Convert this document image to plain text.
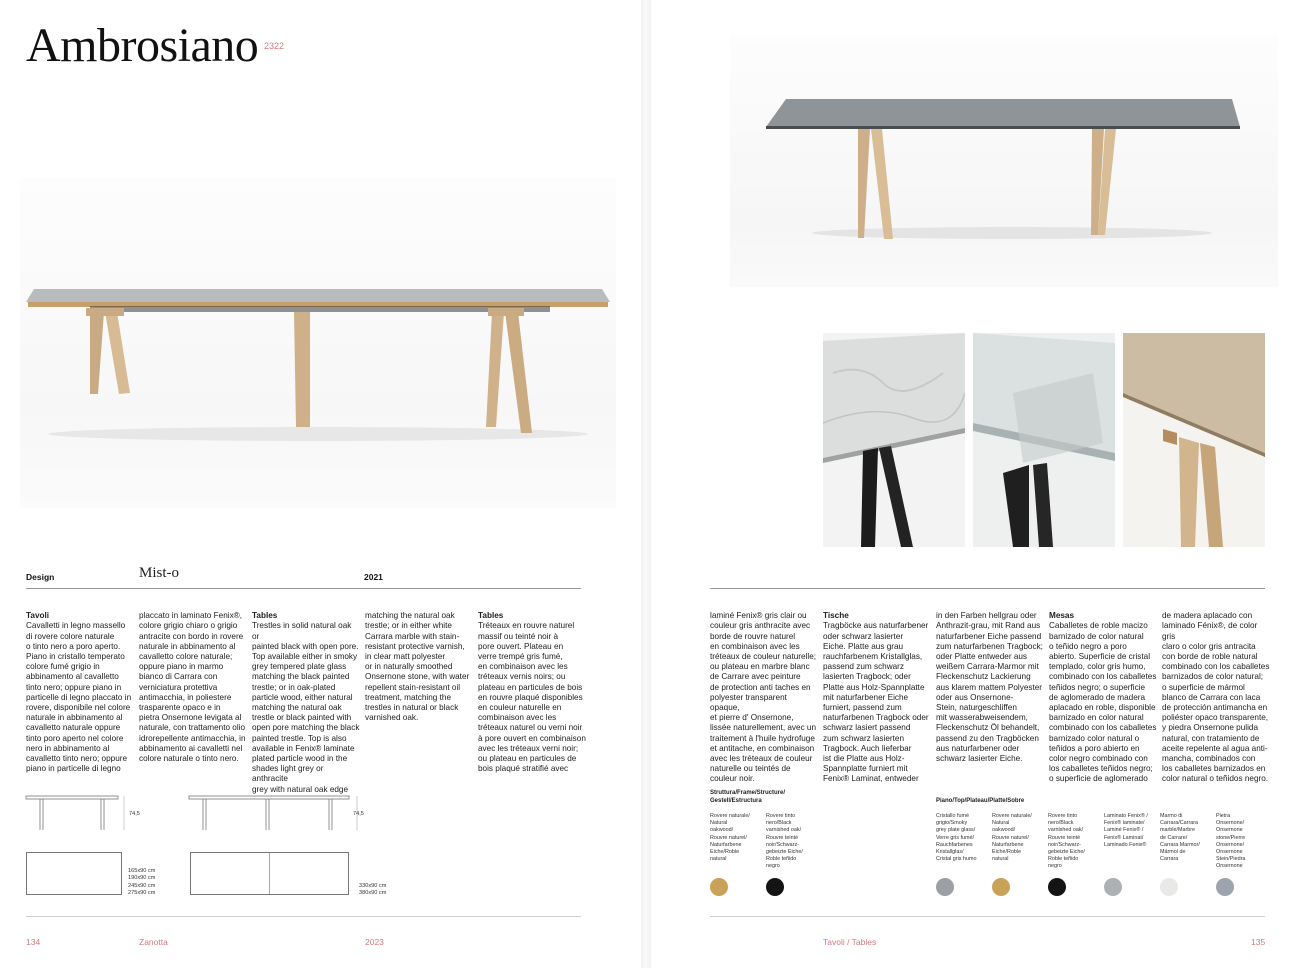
Ambrosiano 2322
Design	Mist-o	2021

Tavoli
Cavalletti in legno massello
di rovere colore naturale
o tinto nero a poro aperto.
Piano in cristallo temperato
colore fumé grigio in
abbinamento al cavalletto
tinto nero; oppure piano in
particelle di legno placcato in
rovere, disponibile nel colore
naturale in abbinamento al
cavalletto naturale oppure
tinto poro aperto nel colore
nero in abbinamento al
cavalletto tinto nero; oppure
piano in particelle di legno

placcato in laminato Fenix®,
colore grigio chiaro o grigio
antracite con bordo in rovere
naturale in abbinamento al
cavalletto colore naturale;
oppure piano in marmo
bianco di Carrara con
verniciatura protettiva
antimacchia, in poliestere
trasparente opaco e in
pietra Onsernone levigata al
naturale, con trattamento olio
idrorepellente antimacchia, in
abbinamento ai cavalletti nel
colore naturale o tinto nero.

Tables
Trestles in solid natural oak or
painted black with open pore.
Top available either in smoky
grey tempered plate glass
matching the black painted
trestle; or in oak-plated
particle wood, either natural
matching the natural oak
trestle or black painted with
open pore matching the black
painted trestle. Top is also
available in Fenix® laminate
plated particle wood in the
shades light grey or anthracite
grey with natural oak edge

matching the natural oak
trestle; or in either white
Carrara marble with stain-
resistant protective varnish,
in clear matt polyester
or in naturally smoothed
Onsernone stone, with water
repellent stain-resistant oil
treatment, matching the
trestles in natural or black
varnished oak.

Tables
Tréteaux en rouvre naturel
massif ou teinté noir à
pore ouvert. Plateau en
verre trempé gris fumé,
en combinaison avec les
tréteaux vernis noirs; ou
plateau en particules de bois
en rouvre plaqué disponibles
en couleur naturelle en
combinaison avec les
tréteaux naturel ou verni noir
à pore ouvert en combinaison
avec les tréteaux verni noir;
ou plateau en particules de
bois plaqué stratifié avec

74,5
165x90 cm
190x90 cm
245x90 cm
275x90 cm
74,5
330x90 cm
380x90 cm
134	Zanotta	2023

laminé Fenix® gris clair ou
couleur gris anthracite avec
borde de rouvre naturel
en combinaison avec les
tréteaux de couleur naturelle;
ou plateau en marbre blanc
de Carrare avec peinture
de protection anti taches en
polyester transparent opaque,
et pierre d' Onsernone,
lissée naturellement, avec un
traitement à l'huile hydrofuge
et antitache, en combinaison
avec les tréteaux de couleur
naturelle ou teintés de
couleur noir.

Tische
Tragböcke aus naturfarbener
oder schwarz lasierter
Eiche. Platte aus grau
rauchfarbenem Kristallglas,
passend zum schwarz
lasierten Tragbock; oder
Platte aus Holz-Spannplatte
mit naturfarbener Eiche
furniert, passend zum
naturfarbenen Tragbock oder
schwarz lasiert passend
zum schwarz lasierten
Tragbock. Auch lieferbar
ist die Platte aus Holz-
Spannplatte furniert mit
Fenix® Laminat, entweder

in den Farben hellgrau oder
Anthrazit-grau, mit Rand aus
naturfarbener Eiche passend
zum naturfarbenen Tragbock;
oder Platte entweder aus
weißem Carrara-Marmor mit
Fleckenschutz Lackierung
aus klarem mattem Polyester
oder aus Onsernone-
Stein, naturgeschliffen
mit wasserabweisendem,
Fleckenschutz Öl behandelt,
passend zu den Tragböcken
aus naturfarbener oder
schwarz lasierter Eiche.

Mesas
Caballetes de roble macizo
barnizado de color natural
o teñido negro a poro
abierto. Superficie de cristal
templado, color gris humo,
combinado con los caballetes
teñidos negro; o superficie
de aglomerado de madera
aplacado en roble, disponible
barnizado en color natural
combinado con los caballetes
barnizado color natural o
teñidos a poro abierto en
color negro combinado con
los caballetes teñidos negro;
o superficie de aglomerado

de madera aplacado con
laminado Fénix®, de color gris
claro o color gris antracita
con borde de roble natural
combinado con los caballetes
barnizados de color natural;
o superficie de mármol
blanco de Carrara con laca
de protección antimancha en
poliéster opaco transparente,
y piedra Onsernone pulida
natural, con tratamiento de
aceite repelente al agua anti-
mancha, combinados con
los caballetes barnizados en
color natural o teñidos negro.

Struttura/Frame/Structure/
Gestell/Estructura
Rovere naturale/
Natural
oakwood/
Rouvre naturel/
Naturfarbene
Eiche/Roble
natural
Rovere tinto
nero/Black
varnished oak/
Rouvre teinté
noir/Schwarz-
gebeizte Eiche/
Roble teñido
negro
Piano/Top/Plateau/Platte/Sobre
Cristallo fumé
grigio/Smoky
grey plate glass/
Verre gris fumé/
Rauchfarbenes
Kristallglas/
Cristal gris humo
Rovere naturale/
Natural
oakwood/
Rouvre naturel/
Naturfarbene
Eiche/Roble
natural
Rovere tinto
nero/Black
varnished oak/
Rouvre teinté
noir/Schwarz-
gebeizte Eiche/
Roble teñido
negro
Laminato Fenix® /
Fenix® laminate/
Laminé Fenix® /
Fenix® Laminat/
Laminado Fenix®
Marmo di
Carrara/Carrara
marble/Marbre
de Carrare/
Carrara Marmor/
Mármol de
Carrara
Pietra
Onsernone/
Onsernone
stone/Pierre
Onsernone/
Onsernone
Stein/Piedra
Onsernone
Tavoli / Tables	135
